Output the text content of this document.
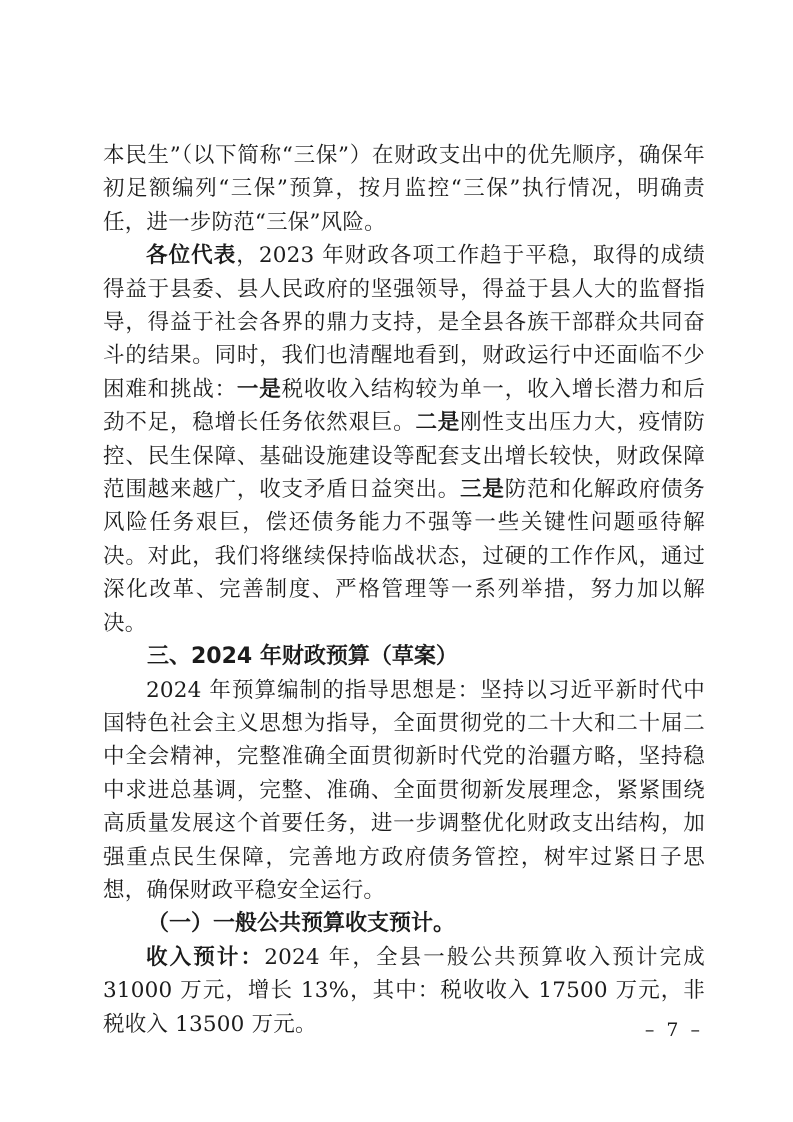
本民生”（以下简称“三保”）在财政支出中的优先顺序，确保年初足额编列“三保”预算，按月监控“三保”执行情况，明确责任，进一步防范“三保”风险。

各位代表，2023 年财政各项工作趋于平稳，取得的成绩得益于县委、县人民政府的坚强领导，得益于县人大的监督指导，得益于社会各界的鼎力支持，是全县各族干部群众共同奋斗的结果。同时，我们也清醒地看到，财政运行中还面临不少困难和挑战：一是税收收入结构较为单一，收入增长潜力和后劲不足，稳增长任务依然艰巨。二是刚性支出压力大，疫情防控、民生保障、基础设施建设等配套支出增长较快，财政保障范围越来越广，收支矛盾日益突出。三是防范和化解政府债务风险任务艰巨，偿还债务能力不强等一些关键性问题亟待解决。对此，我们将继续保持临战状态，过硬的工作作风，通过深化改革、完善制度、严格管理等一系列举措，努力加以解决。

三、2024 年财政预算（草案）

2024 年预算编制的指导思想是：坚持以习近平新时代中国特色社会主义思想为指导，全面贯彻党的二十大和二十届二中全会精神，完整准确全面贯彻新时代党的治疆方略，坚持稳中求进总基调，完整、准确、全面贯彻新发展理念，紧紧围绕高质量发展这个首要任务，进一步调整优化财政支出结构，加强重点民生保障，完善地方政府债务管控，树牢过紧日子思想，确保财政平稳安全运行。

（一）一般公共预算收支预计。

收入预计：2024 年，全县一般公共预算收入预计完成 31000 万元，增长 13%，其中：税收收入 17500 万元，非税收入 13500 万元。	– 7 –
